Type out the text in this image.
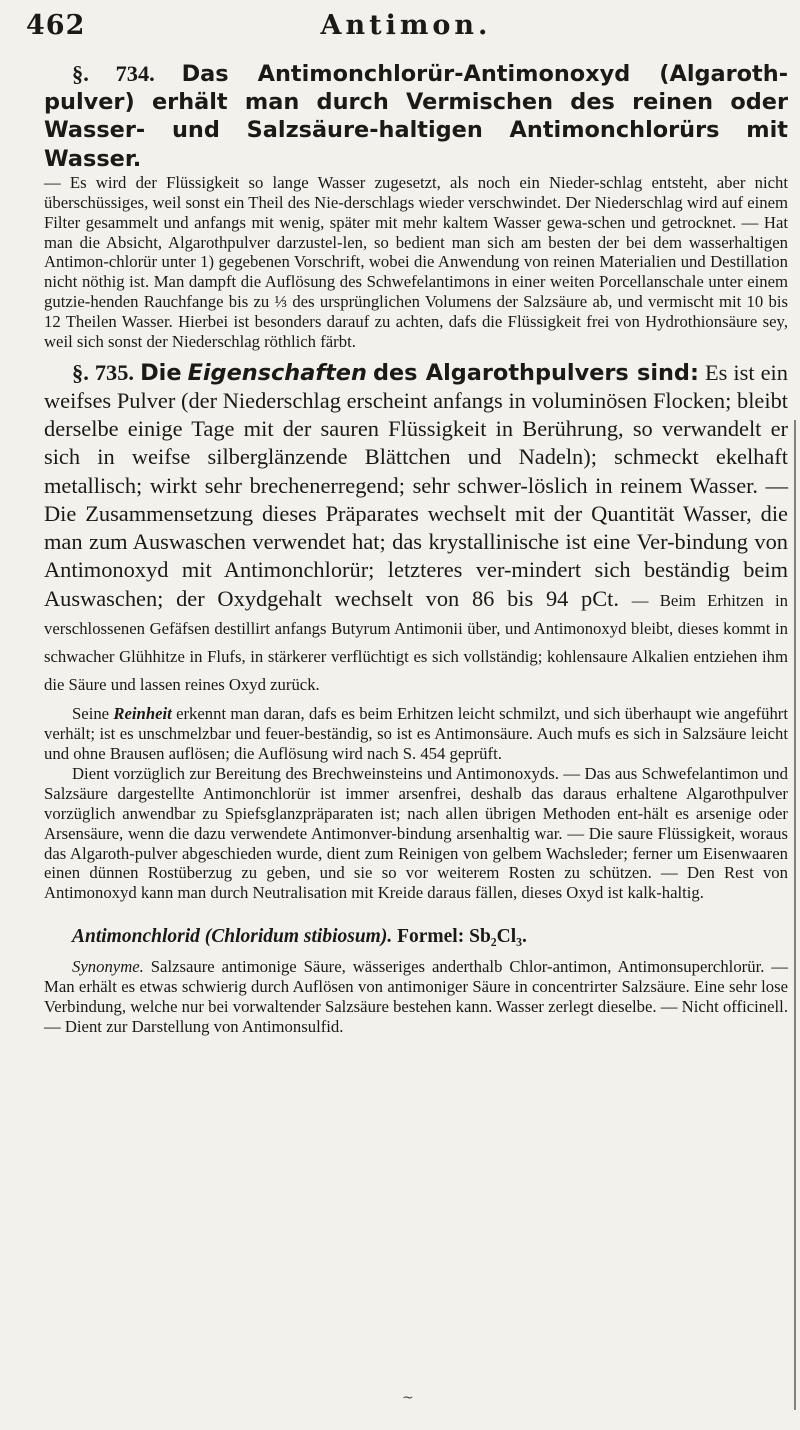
462	Antimon.

§. 734. Das Antimonchlorür-Antimonoxyd (Algaroth-pulver) erhält man durch Vermischen des reinen oder Wasser- und Salzsäure-haltigen Antimonchlorürs mit Wasser.

— Es wird der Flüssigkeit so lange Wasser zugesetzt, als noch ein Nieder-schlag entsteht, aber nicht überschüssiges, weil sonst ein Theil des Nie-derschlags wieder verschwindet. Der Niederschlag wird auf einem Filter gesammelt und anfangs mit wenig, später mit mehr kaltem Wasser gewa-schen und getrocknet. — Hat man die Absicht, Algarothpulver darzustel-len, so bedient man sich am besten der bei dem wasserhaltigen Antimon-chlorür unter 1) gegebenen Vorschrift, wobei die Anwendung von reinen Materialien und Destillation nicht nöthig ist. Man dampft die Auflösung des Schwefelantimons in einer weiten Porcellanschale unter einem gutzie-henden Rauchfange bis zu ⅓ des ursprünglichen Volumens der Salzsäure ab, und vermischt mit 10 bis 12 Theilen Wasser. Hierbei ist besonders darauf zu achten, dafs die Flüssigkeit frei von Hydrothionsäure sey, weil sich sonst der Niederschlag röthlich färbt.

§. 735. Die Eigenschaften des Algarothpulvers sind: Es ist ein weifses Pulver (der Niederschlag erscheint anfangs in voluminösen Flocken; bleibt derselbe einige Tage mit der sauren Flüssigkeit in Berührung, so verwandelt er sich in weifse silberglänzende Blättchen und Nadeln); schmeckt ekelhaft metallisch; wirkt sehr brechenerregend; sehr schwer-löslich in reinem Wasser. — Die Zusammensetzung dieses Präparates wechselt mit der Quantität Wasser, die man zum Auswaschen verwendet hat; das krystallinische ist eine Ver-bindung von Antimonoxyd mit Antimonchlorür; letzteres ver-mindert sich beständig beim Auswaschen; der Oxydgehalt wechselt von 86 bis 94 pCt. — Beim Erhitzen in verschlossenen Gefäfsen destillirt anfangs Butyrum Antimonii über, und Antimonoxyd bleibt, dieses kommt in schwacher Glühhitze in Flufs, in stärkerer verflüchtigt es sich vollständig; kohlensaure Alkalien entziehen ihm die Säure und lassen reines Oxyd zurück.

Seine Reinheit erkennt man daran, dafs es beim Erhitzen leicht schmilzt, und sich überhaupt wie angeführt verhält; ist es unschmelzbar und feuer-beständig, so ist es Antimonsäure. Auch mufs es sich in Salzsäure leicht und ohne Brausen auflösen; die Auflösung wird nach S. 454 geprüft.

Dient vorzüglich zur Bereitung des Brechweinsteins und Antimonoxyds. — Das aus Schwefelantimon und Salzsäure dargestellte Antimonchlorür ist immer arsenfrei, deshalb das daraus erhaltene Algarothpulver vorzüglich anwendbar zu Spiefsglanzpräparaten ist; nach allen übrigen Methoden ent-hält es arsenige oder Arsensäure, wenn die dazu verwendete Antimonver-bindung arsenhaltig war. — Die saure Flüssigkeit, woraus das Algaroth-pulver abgeschieden wurde, dient zum Reinigen von gelbem Wachsleder; ferner um Eisenwaaren einen dünnen Rostüberzug zu geben, und sie so vor weiterem Rosten zu schützen. — Den Rest von Antimonoxyd kann man durch Neutralisation mit Kreide daraus fällen, dieses Oxyd ist kalk-haltig.

Antimonchlorid (Chloridum stibiosum). Formel: Sb₂Cl₃.

Synonyme. Salzsaure antimonige Säure, wässeriges anderthalb Chlor-antimon, Antimonsuperchlorür. — Man erhält es etwas schwierig durch Auflösen von antimoniger Säure in concentrirter Salzsäure. Eine sehr lose Verbindung, welche nur bei vorwaltender Salzsäure bestehen kann. Wasser zerlegt dieselbe. — Nicht officinell. — Dient zur Darstellung von Antimonsulfid.

~
